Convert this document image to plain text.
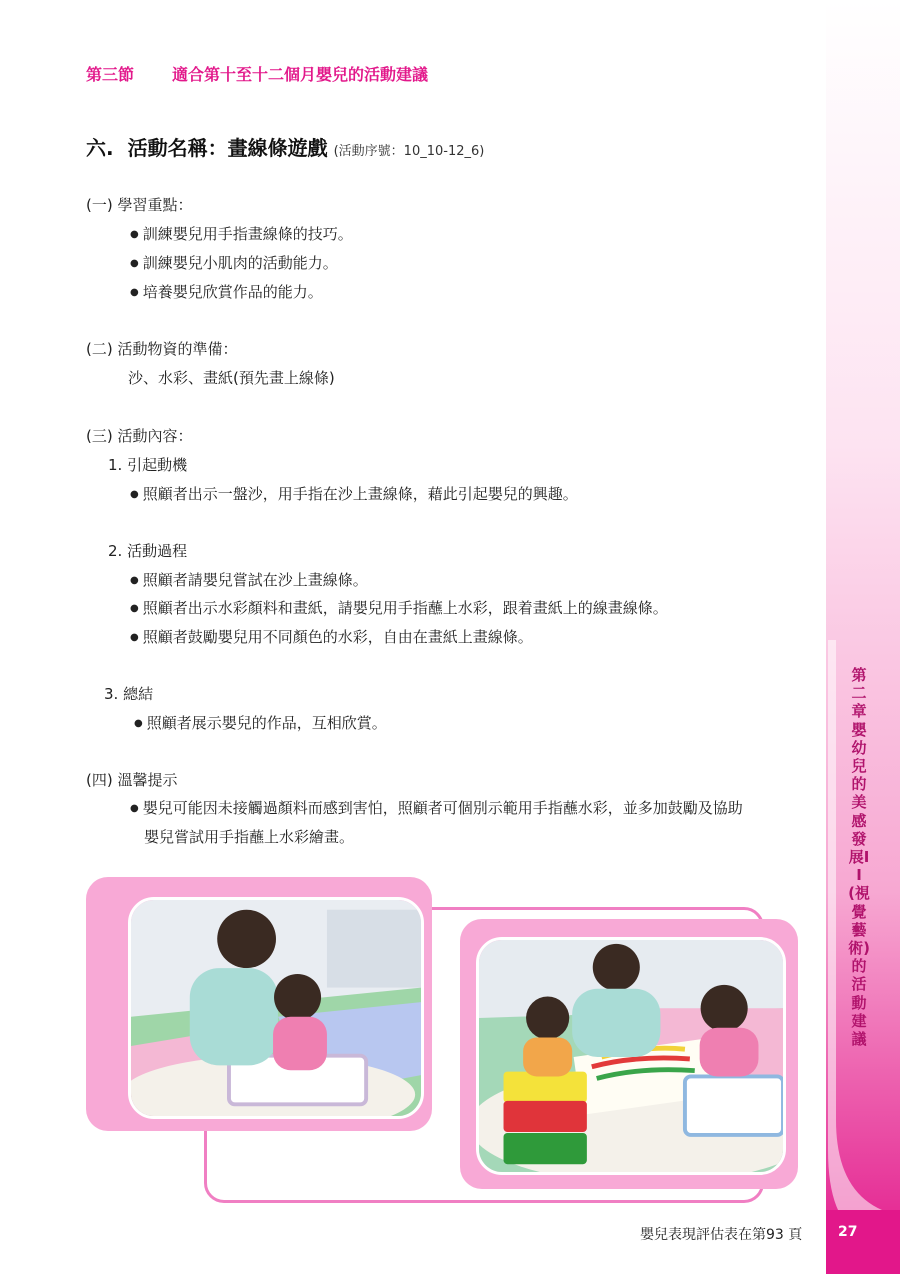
第二章 嬰幼兒的美感發展II(視覺藝術)的活動建議
27
第三節 適合第十至十二個月嬰兒的活動建議
六. 活動名稱：畫線條遊戲 (活動序號：10_10-12_6)
(一) 學習重點：
● 訓練嬰兒用手指畫線條的技巧。
● 訓練嬰兒小肌肉的活動能力。
● 培養嬰兒欣賞作品的能力。
(二) 活動物資的準備：
沙、水彩、畫紙(預先畫上線條)
(三) 活動內容：
1. 引起動機
● 照顧者出示一盤沙，用手指在沙上畫線條，藉此引起嬰兒的興趣。
2. 活動過程
● 照顧者請嬰兒嘗試在沙上畫線條。
● 照顧者出示水彩顏料和畫紙，請嬰兒用手指蘸上水彩，跟着畫紙上的線畫線條。
● 照顧者鼓勵嬰兒用不同顏色的水彩，自由在畫紙上畫線條。
3. 總結
● 照顧者展示嬰兒的作品，互相欣賞。
(四) 溫馨提示
● 嬰兒可能因未接觸過顏料而感到害怕，照顧者可個別示範用手指蘸水彩，並多加鼓勵及協助
嬰兒嘗試用手指蘸上水彩繪畫。
嬰兒表現評估表在第93 頁
